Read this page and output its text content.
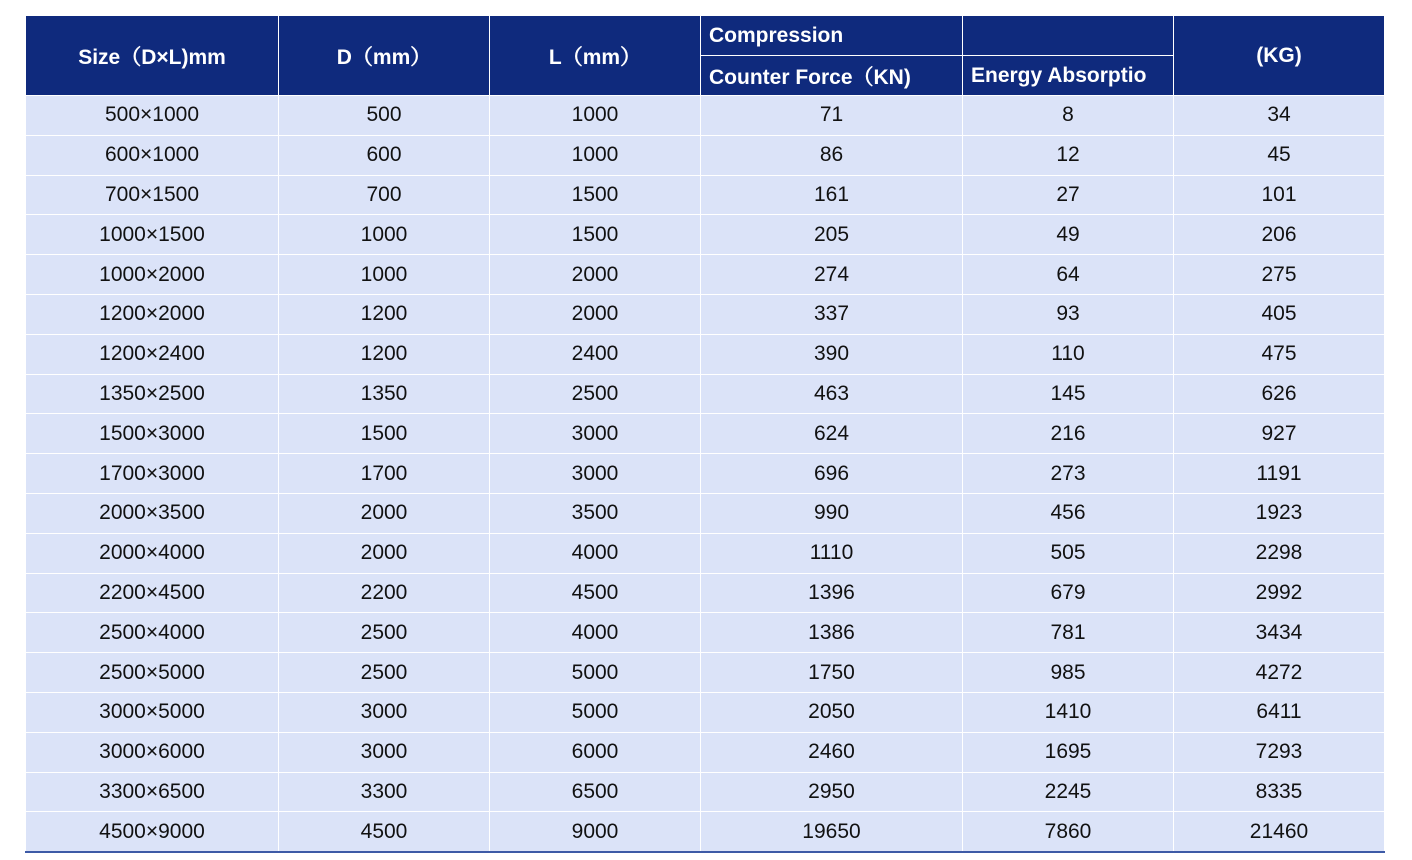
Size（D×L)mm	D（mm）	L（mm）	Compression		(KG)
			Counter Force（KN)	Energy Absorptio	
500×1000	500	1000	71	8	34
600×1000	600	1000	86	12	45
700×1500	700	1500	161	27	101
1000×1500	1000	1500	205	49	206
1000×2000	1000	2000	274	64	275
1200×2000	1200	2000	337	93	405
1200×2400	1200	2400	390	110	475
1350×2500	1350	2500	463	145	626
1500×3000	1500	3000	624	216	927
1700×3000	1700	3000	696	273	1191
2000×3500	2000	3500	990	456	1923
2000×4000	2000	4000	1110	505	2298
2200×4500	2200	4500	1396	679	2992
2500×4000	2500	4000	1386	781	3434
2500×5000	2500	5000	1750	985	4272
3000×5000	3000	5000	2050	1410	6411
3000×6000	3000	6000	2460	1695	7293
3300×6500	3300	6500	2950	2245	8335
4500×9000	4500	9000	19650	7860	21460
